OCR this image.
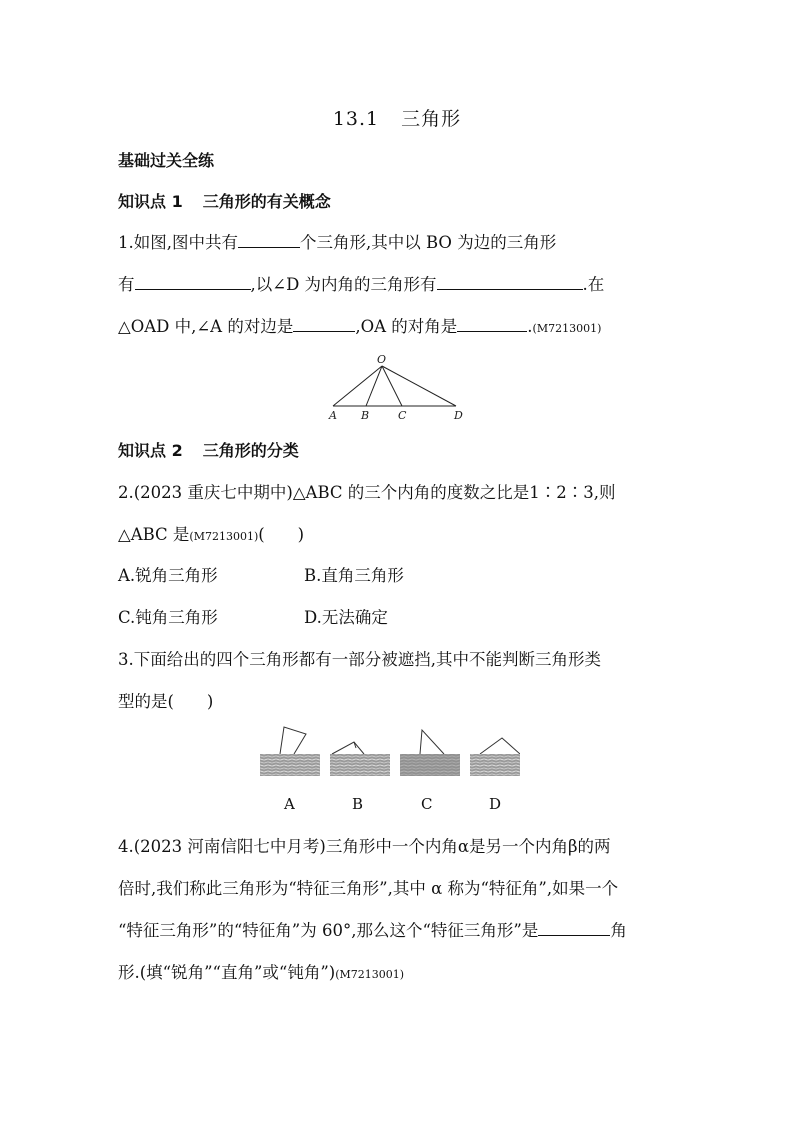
13.1 三角形
基础过关全练
知识点 1 三角形的有关概念
1.如图,图中共有	个三角形,其中以 BO 为边的三角形
有	,以∠D 为内角的三角形有	.在
△OAD 中,∠A 的对边是	,OA 的对角是	.(M7213001)
O
A B	C	D
知识点 2 三角形的分类
2.(2023 重庆七中期中)△ABC 的三个内角的度数之比是1∶2∶3,则
△ABC 是(M7213001)(　　)
A.锐角三角形	B.直角三角形
C.钝角三角形	D.无法确定
3.下面给出的四个三角形都有一部分被遮挡,其中不能判断三角形类
型的是(　　)
A	B	C	D
4.(2023 河南信阳七中月考)三角形中一个内角α是另一个内角β的两
倍时,我们称此三角形为“特征三角形”,其中 α 称为“特征角”,如果一个
“特征三角形”的“特征角”为 60°,那么这个“特征三角形”是	角
形.(填“锐角”“直角”或“钝角”)(M7213001)
